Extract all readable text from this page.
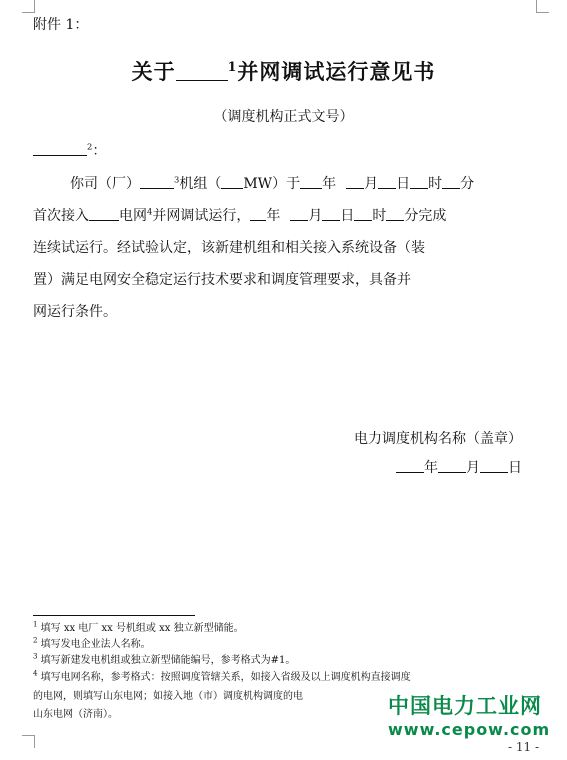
附件 1：
关于	$^1$并网调试运行意见书
（调度机构正式文号）
$^2$：
你司（厂）	$^3$机组（ MW）于 年 月 日 时 分
首次接入 电网$^4$并网调试运行， 年 月 日 时 分完成
连续试运行。经试验认定，该新建机组和相关接入系统设备（装
置）满足电网安全稳定运行技术要求和调度管理要求，具备并
网运行条件。
电力调度机构名称（盖章）
年 月 日
$^1$ 填写 xx 电厂 xx 号机组或 xx 独立新型储能。
$^2$ 填写发电企业法人名称。
$^3$ 填写新建发电机组或独立新型储能编号，参考格式为#1。
$^4$ 填写电网名称，参考格式：按照调度管辖关系，如接入省级及以上调度机构直接调度
的电网，则填写山东电网；如接入地（市）调度机构调度的电
山东电网（济南）。	中国电力工业网
www.cepow.com
- 11 -
